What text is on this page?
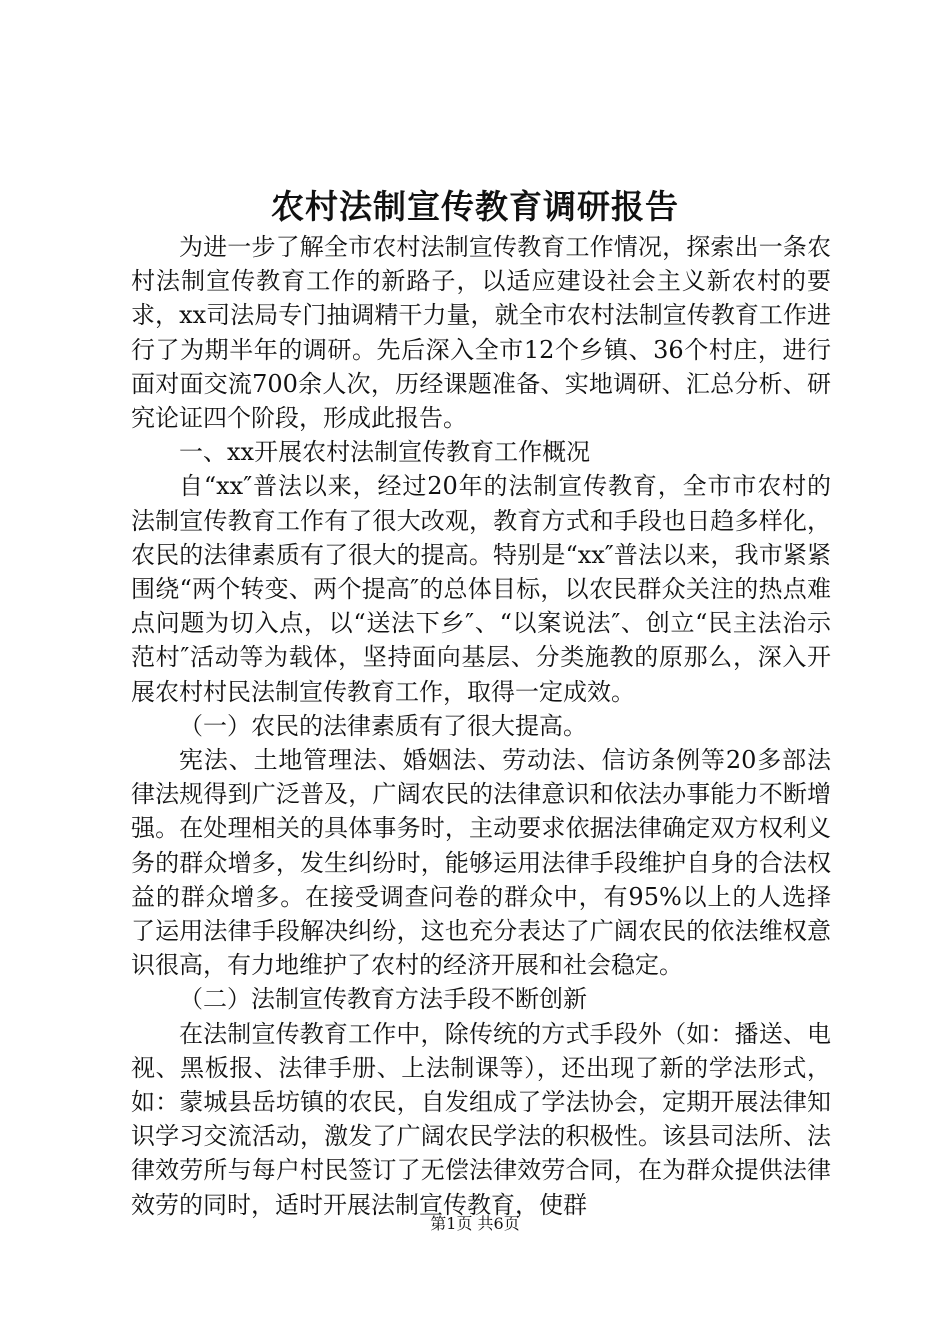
农村法制宣传教育调研报告

为进一步了解全市农村法制宣传教育工作情况，探索出一条农村法制宣传教育工作的新路子，以适应建设社会主义新农村的要求，xx司法局专门抽调精干力量，就全市农村法制宣传教育工作进行了为期半年的调研。先后深入全市12个乡镇、36个村庄，进行面对面交流700余人次，历经课题准备、实地调研、汇总分析、研究论证四个阶段，形成此报告。

一、xx开展农村法制宣传教育工作概况

自“xx″普法以来，经过20年的法制宣传教育，全市市农村的法制宣传教育工作有了很大改观，教育方式和手段也日趋多样化，农民的法律素质有了很大的提高。特别是“xx″普法以来，我市紧紧围绕“两个转变、两个提高″的总体目标，以农民群众关注的热点难点问题为切入点，以“送法下乡″、“以案说法″、创立“民主法治示范村″活动等为载体，坚持面向基层、分类施教的原那么，深入开展农村村民法制宣传教育工作，取得一定成效。

（一）农民的法律素质有了很大提高。

宪法、土地管理法、婚姻法、劳动法、信访条例等20多部法律法规得到广泛普及，广阔农民的法律意识和依法办事能力不断增强。在处理相关的具体事务时，主动要求依据法律确定双方权利义务的群众增多，发生纠纷时，能够运用法律手段维护自身的合法权益的群众增多。在接受调查问卷的群众中，有95%以上的人选择了运用法律手段解决纠纷，这也充分表达了广阔农民的依法维权意识很高，有力地维护了农村的经济开展和社会稳定。

（二）法制宣传教育方法手段不断创新

在法制宣传教育工作中，除传统的方式手段外（如：播送、电视、黑板报、法律手册、上法制课等），还出现了新的学法形式，如：蒙城县岳坊镇的农民，自发组成了学法协会，定期开展法律知识学习交流活动，激发了广阔农民学法的积极性。该县司法所、法律效劳所与每户村民签订了无偿法律效劳合同，在为群众提供法律效劳的同时，适时开展法制宣传教育，使群

第1页 共6页
